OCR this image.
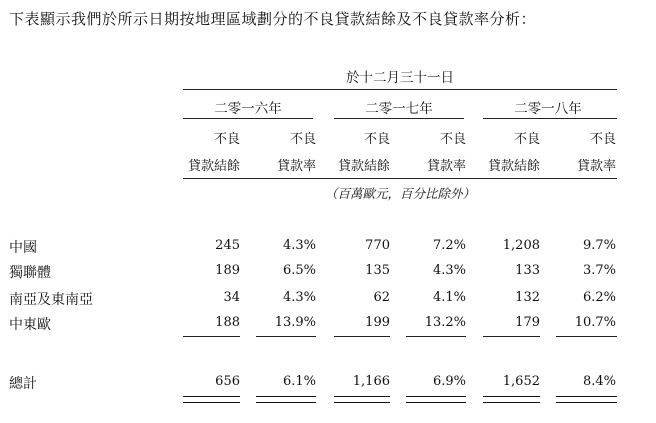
下表顯示我們於所示日期按地理區域劃分的不良貸款結餘及不良貸款率分析：
於十二月三十一日
二零一六年	二零一七年	二零一八年
不良	不良	不良	不良	不良	不良
貸款結餘	貸款率	貸款結餘	貸款率	貸款結餘	貸款率
（百萬歐元，百分比除外）
中國	245	4.3%	770	7.2%	1,208	9.7%
獨聯體	189	6.5%	135	4.3%	133	3.7%
南亞及東南亞	34	4.3%	62	4.1%	132	6.2%
中東歐	188	13.9%	199	13.2%	179	10.7%
總計	656	6.1%	1,166	6.9%	1,652	8.4%
